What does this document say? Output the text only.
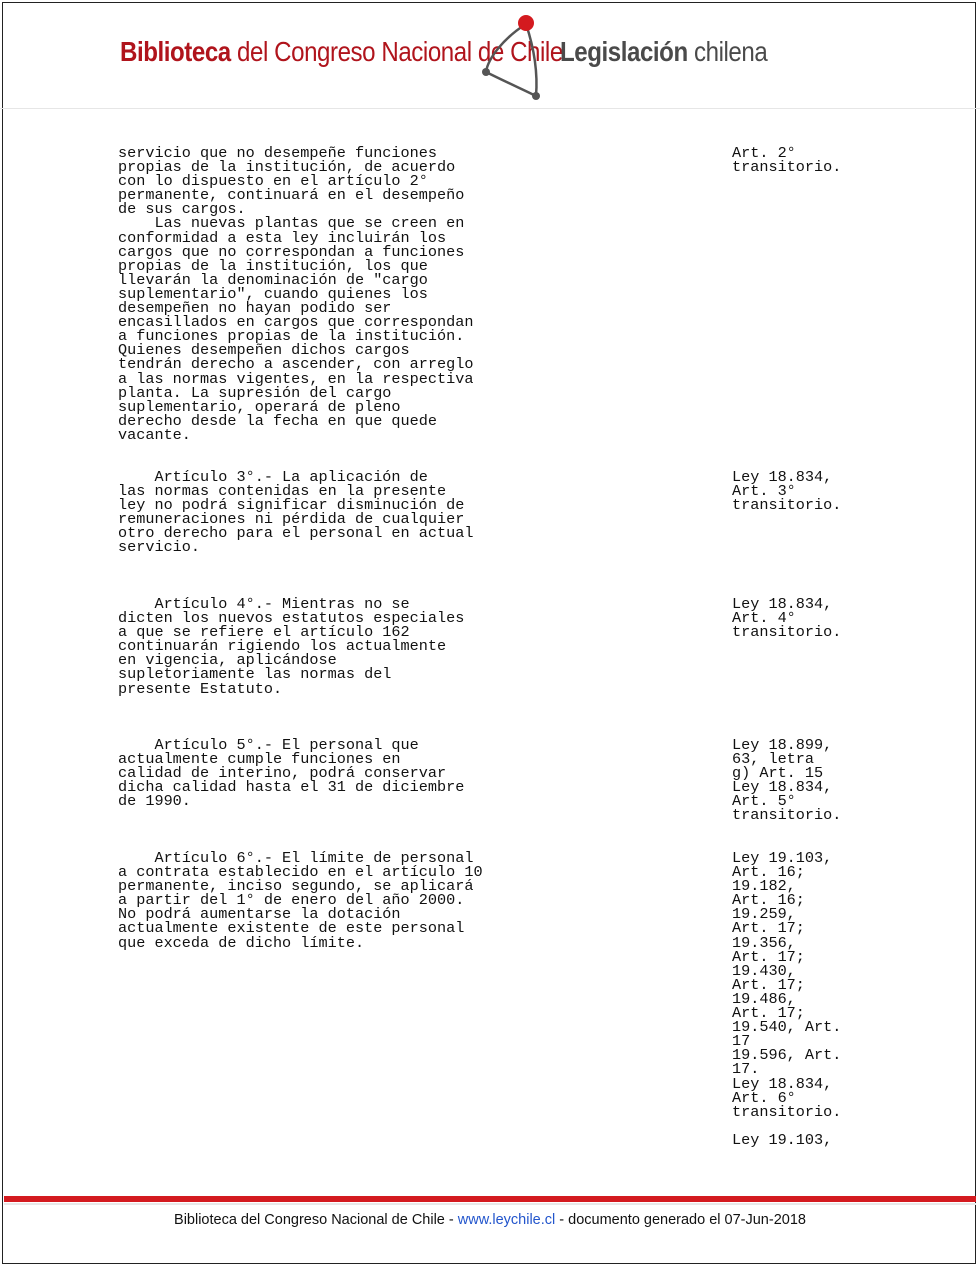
Biblioteca del Congreso Nacional de Chile
Legislación chilena
servicio que no desempeñe funciones
propias de la institución, de acuerdo
con lo dispuesto en el artículo 2°
permanente, continuará en el desempeño
de sus cargos.
Las nuevas plantas que se creen en
conformidad a esta ley incluirán los
cargos que no correspondan a funciones
propias de la institución, los que
llevarán la denominación de "cargo
suplementario", cuando quienes los
desempeñen no hayan podido ser
encasillados en cargos que correspondan
a funciones propias de la institución.
Quienes desempeñen dichos cargos
tendrán derecho a ascender, con arreglo
a las normas vigentes, en la respectiva
planta. La supresión del cargo
suplementario, operará de pleno
derecho desde la fecha en que quede
vacante.
Artículo 3°.- La aplicación de
las normas contenidas en la presente
ley no podrá significar disminución de
remuneraciones ni pérdida de cualquier
otro derecho para el personal en actual
servicio.
Artículo 4°.- Mientras no se
dicten los nuevos estatutos especiales
a que se refiere el artículo 162
continuarán rigiendo los actualmente
en vigencia, aplicándose
supletoriamente las normas del
presente Estatuto.
Artículo 5°.- El personal que
actualmente cumple funciones en
calidad de interino, podrá conservar
dicha calidad hasta el 31 de diciembre
de 1990.
Artículo 6°.- El límite de personal
a contrata establecido en el artículo 10
permanente, inciso segundo, se aplicará
a partir del 1° de enero del año 2000.
No podrá aumentarse la dotación
actualmente existente de este personal
que exceda de dicho límite.
Art. 2°
transitorio.
Ley 18.834,
Art. 3°
transitorio.
Ley 18.834,
Art. 4°
transitorio.
Ley 18.899,
63, letra
g) Art. 15
Ley 18.834,
Art. 5°
transitorio.
Ley 19.103,
Art. 16;
19.182,
Art. 16;
19.259,
Art. 17;
19.356,
Art. 17;
19.430,
Art. 17;
19.486,
Art. 17;
19.540, Art.
17
19.596, Art.
17.
Ley 18.834,
Art. 6°
transitorio.

Ley 19.103,
Biblioteca del Congreso Nacional de Chile - www.leychile.cl - documento generado el 07-Jun-2018
